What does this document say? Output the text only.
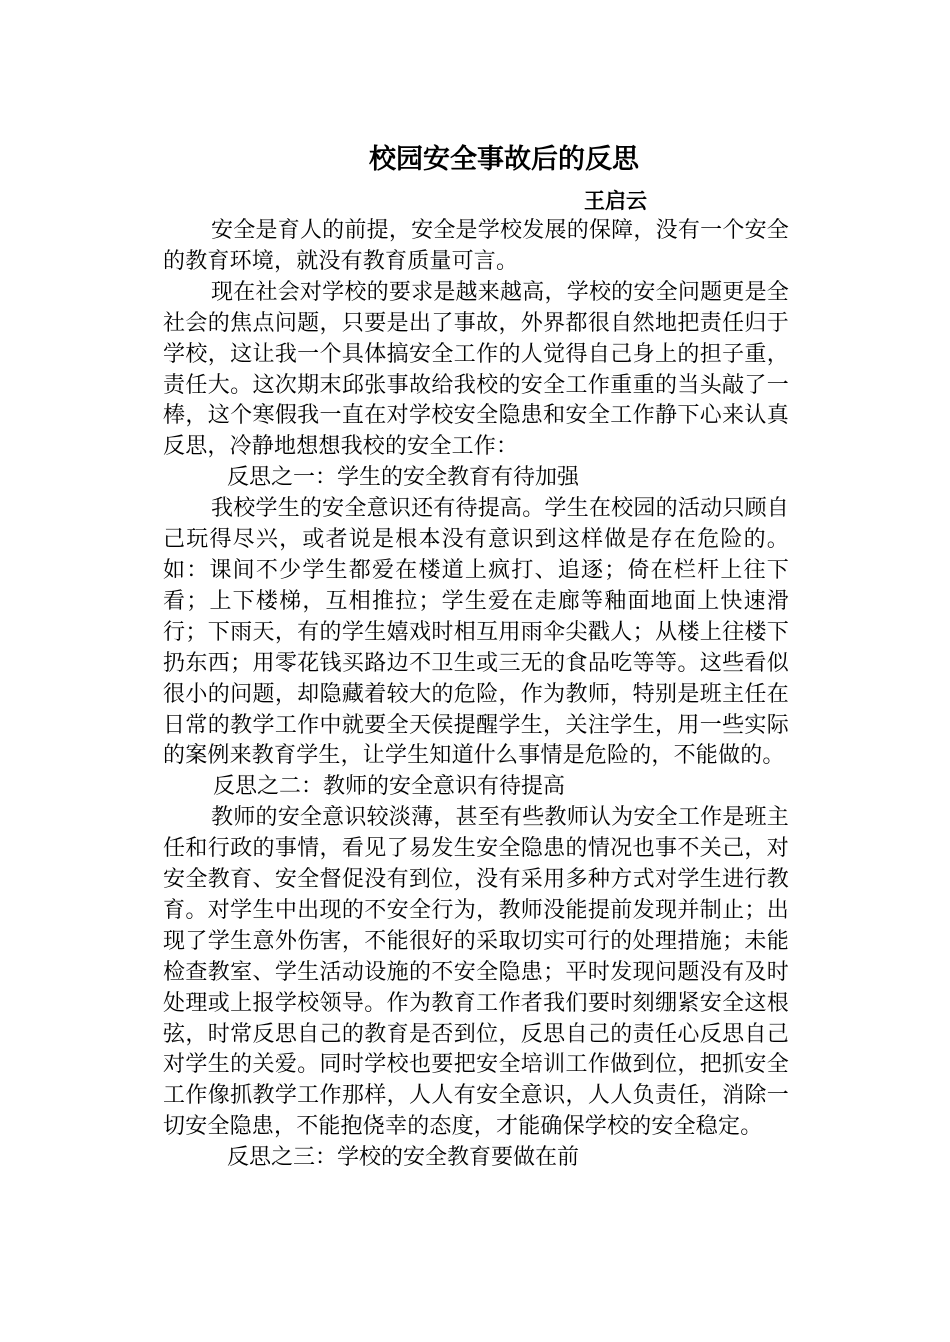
校园安全事故后的反思
王启云

安全是育人的前提，安全是学校发展的保障，没有一个安全的教育环境，就没有教育质量可言。

现在社会对学校的要求是越来越高，学校的安全问题更是全社会的焦点问题，只要是出了事故，外界都很自然地把责任归于学校，这让我一个具体搞安全工作的人觉得自己身上的担子重，责任大。这次期末邱张事故给我校的安全工作重重的当头敲了一棒，这个寒假我一直在对学校安全隐患和安全工作静下心来认真反思，冷静地想想我校的安全工作：

反思之一：学生的安全教育有待加强

我校学生的安全意识还有待提高。学生在校园的活动只顾自己玩得尽兴，或者说是根本没有意识到这样做是存在危险的。如：课间不少学生都爱在楼道上疯打、追逐；倚在栏杆上往下看；上下楼梯，互相推拉；学生爱在走廊等釉面地面上快速滑行；下雨天，有的学生嬉戏时相互用雨伞尖戳人；从楼上往楼下扔东西；用零花钱买路边不卫生或三无的食品吃等等。这些看似很小的问题，却隐藏着较大的危险，作为教师，特别是班主任在日常的教学工作中就要全天侯提醒学生，关注学生，用一些实际的案例来教育学生，让学生知道什么事情是危险的，不能做的。

反思之二：教师的安全意识有待提高

教师的安全意识较淡薄，甚至有些教师认为安全工作是班主任和行政的事情，看见了易发生安全隐患的情况也事不关己，对安全教育、安全督促没有到位，没有采用多种方式对学生进行教育。对学生中出现的不安全行为，教师没能提前发现并制止；出现了学生意外伤害，不能很好的采取切实可行的处理措施；未能检查教室、学生活动设施的不安全隐患；平时发现问题没有及时处理或上报学校领导。作为教育工作者我们要时刻绷紧安全这根弦，时常反思自己的教育是否到位，反思自己的责任心反思自己对学生的关爱。同时学校也要把安全培训工作做到位，把抓安全工作像抓教学工作那样，人人有安全意识，人人负责任，消除一切安全隐患，不能抱侥幸的态度，才能确保学校的安全稳定。

反思之三：学校的安全教育要做在前
